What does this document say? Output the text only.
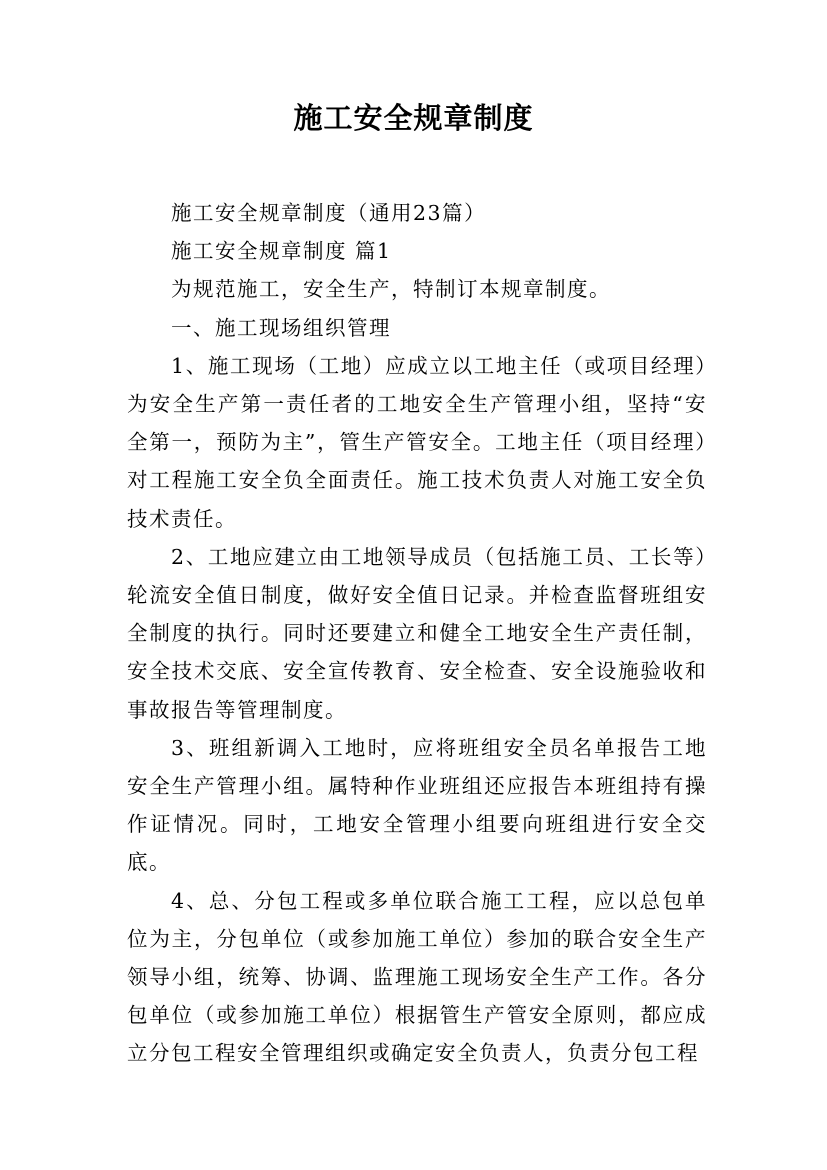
施工安全规章制度

施工安全规章制度（通用23篇）

施工安全规章制度 篇1

为规范施工，安全生产，特制订本规章制度。

一、施工现场组织管理

1、施工现场（工地）应成立以工地主任（或项目经理）为安全生产第一责任者的工地安全生产管理小组，坚持“安全第一，预防为主”，管生产管安全。工地主任（项目经理）对工程施工安全负全面责任。施工技术负责人对施工安全负技术责任。

2、工地应建立由工地领导成员（包括施工员、工长等）轮流安全值日制度，做好安全值日记录。并检查监督班组安全制度的执行。同时还要建立和健全工地安全生产责任制，安全技术交底、安全宣传教育、安全检查、安全设施验收和事故报告等管理制度。

3、班组新调入工地时，应将班组安全员名单报告工地安全生产管理小组。属特种作业班组还应报告本班组持有操作证情况。同时，工地安全管理小组要向班组进行安全交底。

4、总、分包工程或多单位联合施工工程，应以总包单位为主，分包单位（或参加施工单位）参加的联合安全生产领导小组，统筹、协调、监理施工现场安全生产工作。各分包单位（或参加施工单位）根据管生产管安全原则，都应成立分包工程安全管理组织或确定安全负责人，负责分包工程
